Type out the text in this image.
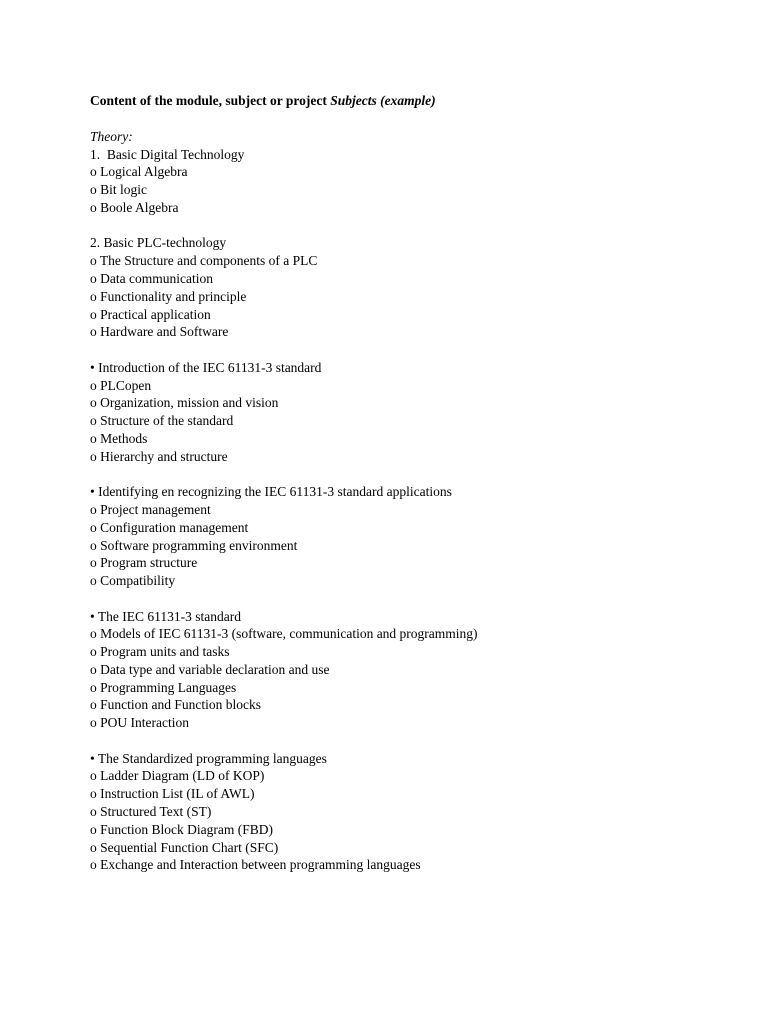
Content of the module, subject or project Subjects (example)

Theory:
1.  Basic Digital Technology
o Logical Algebra
o Bit logic
o Boole Algebra
2. Basic PLC-technology
o The Structure and components of a PLC
o Data communication
o Functionality and principle
o Practical application
o Hardware and Software
• Introduction of the IEC 61131-3 standard
o PLCopen
o Organization, mission and vision
o Structure of the standard
o Methods
o Hierarchy and structure
• Identifying en recognizing the IEC 61131-3 standard applications
o Project management
o Configuration management
o Software programming environment
o Program structure
o Compatibility
• The IEC 61131-3 standard
o Models of IEC 61131-3 (software, communication and programming)
o Program units and tasks
o Data type and variable declaration and use
o Programming Languages
o Function and Function blocks
o POU Interaction
• The Standardized programming languages
o Ladder Diagram (LD of KOP)
o Instruction List (IL of AWL)
o Structured Text (ST)
o Function Block Diagram (FBD)
o Sequential Function Chart (SFC)
o Exchange and Interaction between programming languages
